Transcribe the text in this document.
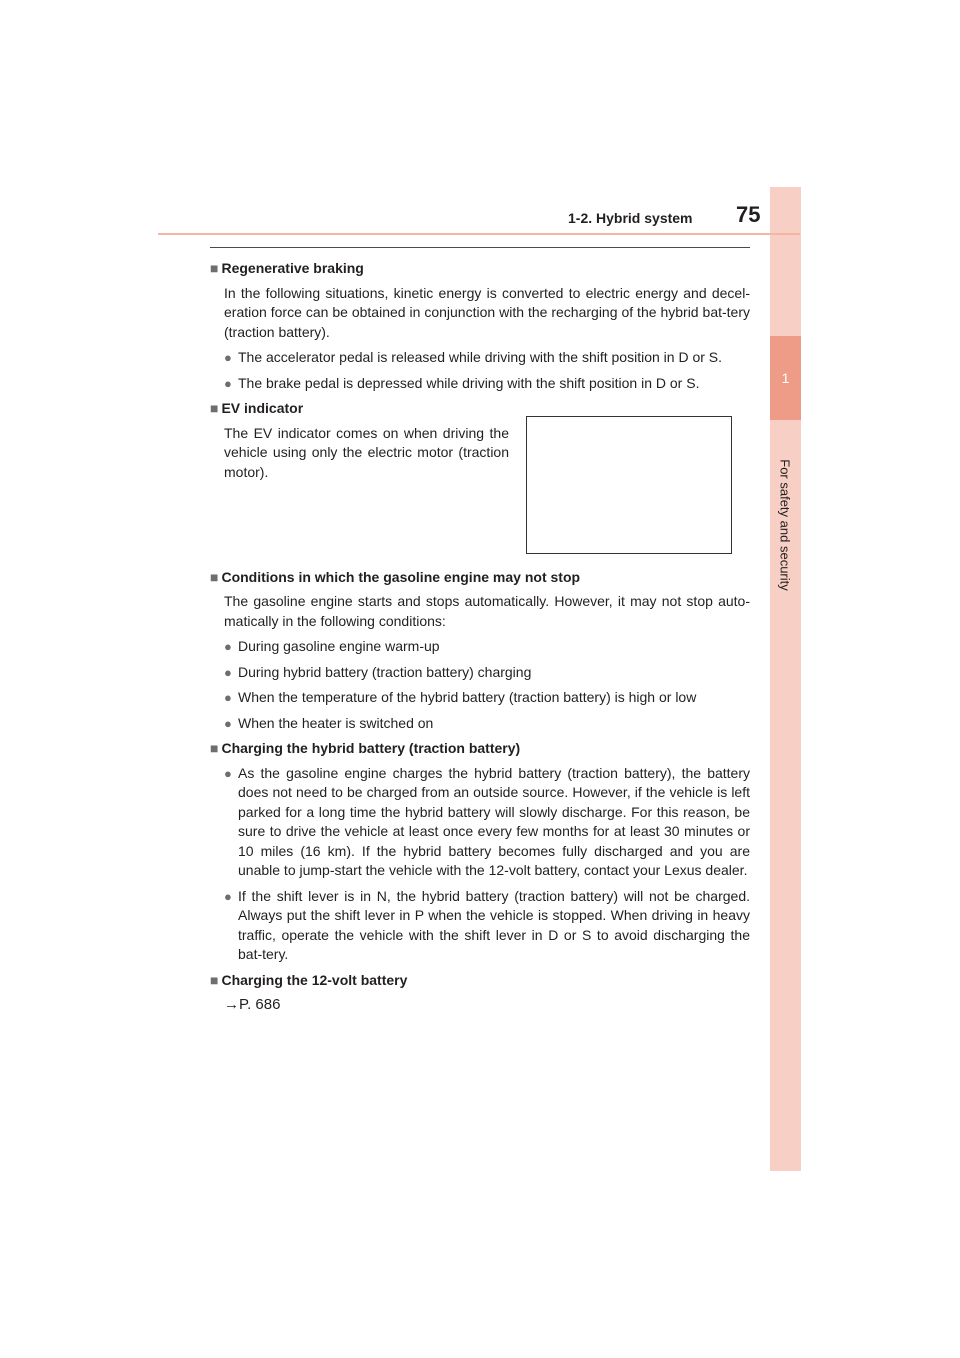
1
For safety and security
1-2. Hybrid system 75
■ Regenerative braking
In the following situations, kinetic energy is converted to electric energy and decel-eration force can be obtained in conjunction with the recharging of the hybrid bat-tery (traction battery).
● The accelerator pedal is released while driving with the shift position in D or S.
● The brake pedal is depressed while driving with the shift position in D or S.
■ EV indicator
The EV indicator comes on when driving the vehicle using only the electric motor (traction motor).
■ Conditions in which the gasoline engine may not stop
The gasoline engine starts and stops automatically. However, it may not stop auto-matically in the following conditions:
● During gasoline engine warm-up
● During hybrid battery (traction battery) charging
● When the temperature of the hybrid battery (traction battery) is high or low
● When the heater is switched on
■ Charging the hybrid battery (traction battery)
● As the gasoline engine charges the hybrid battery (traction battery), the battery does not need to be charged from an outside source. However, if the vehicle is left parked for a long time the hybrid battery will slowly discharge. For this reason, be sure to drive the vehicle at least once every few months for at least 30 minutes or 10 miles (16 km). If the hybrid battery becomes fully discharged and you are unable to jump-start the vehicle with the 12-volt battery, contact your Lexus dealer.
● If the shift lever is in N, the hybrid battery (traction battery) will not be charged. Always put the shift lever in P when the vehicle is stopped. When driving in heavy traffic, operate the vehicle with the shift lever in D or S to avoid discharging the bat-tery.
■ Charging the 12-volt battery
→P. 686
